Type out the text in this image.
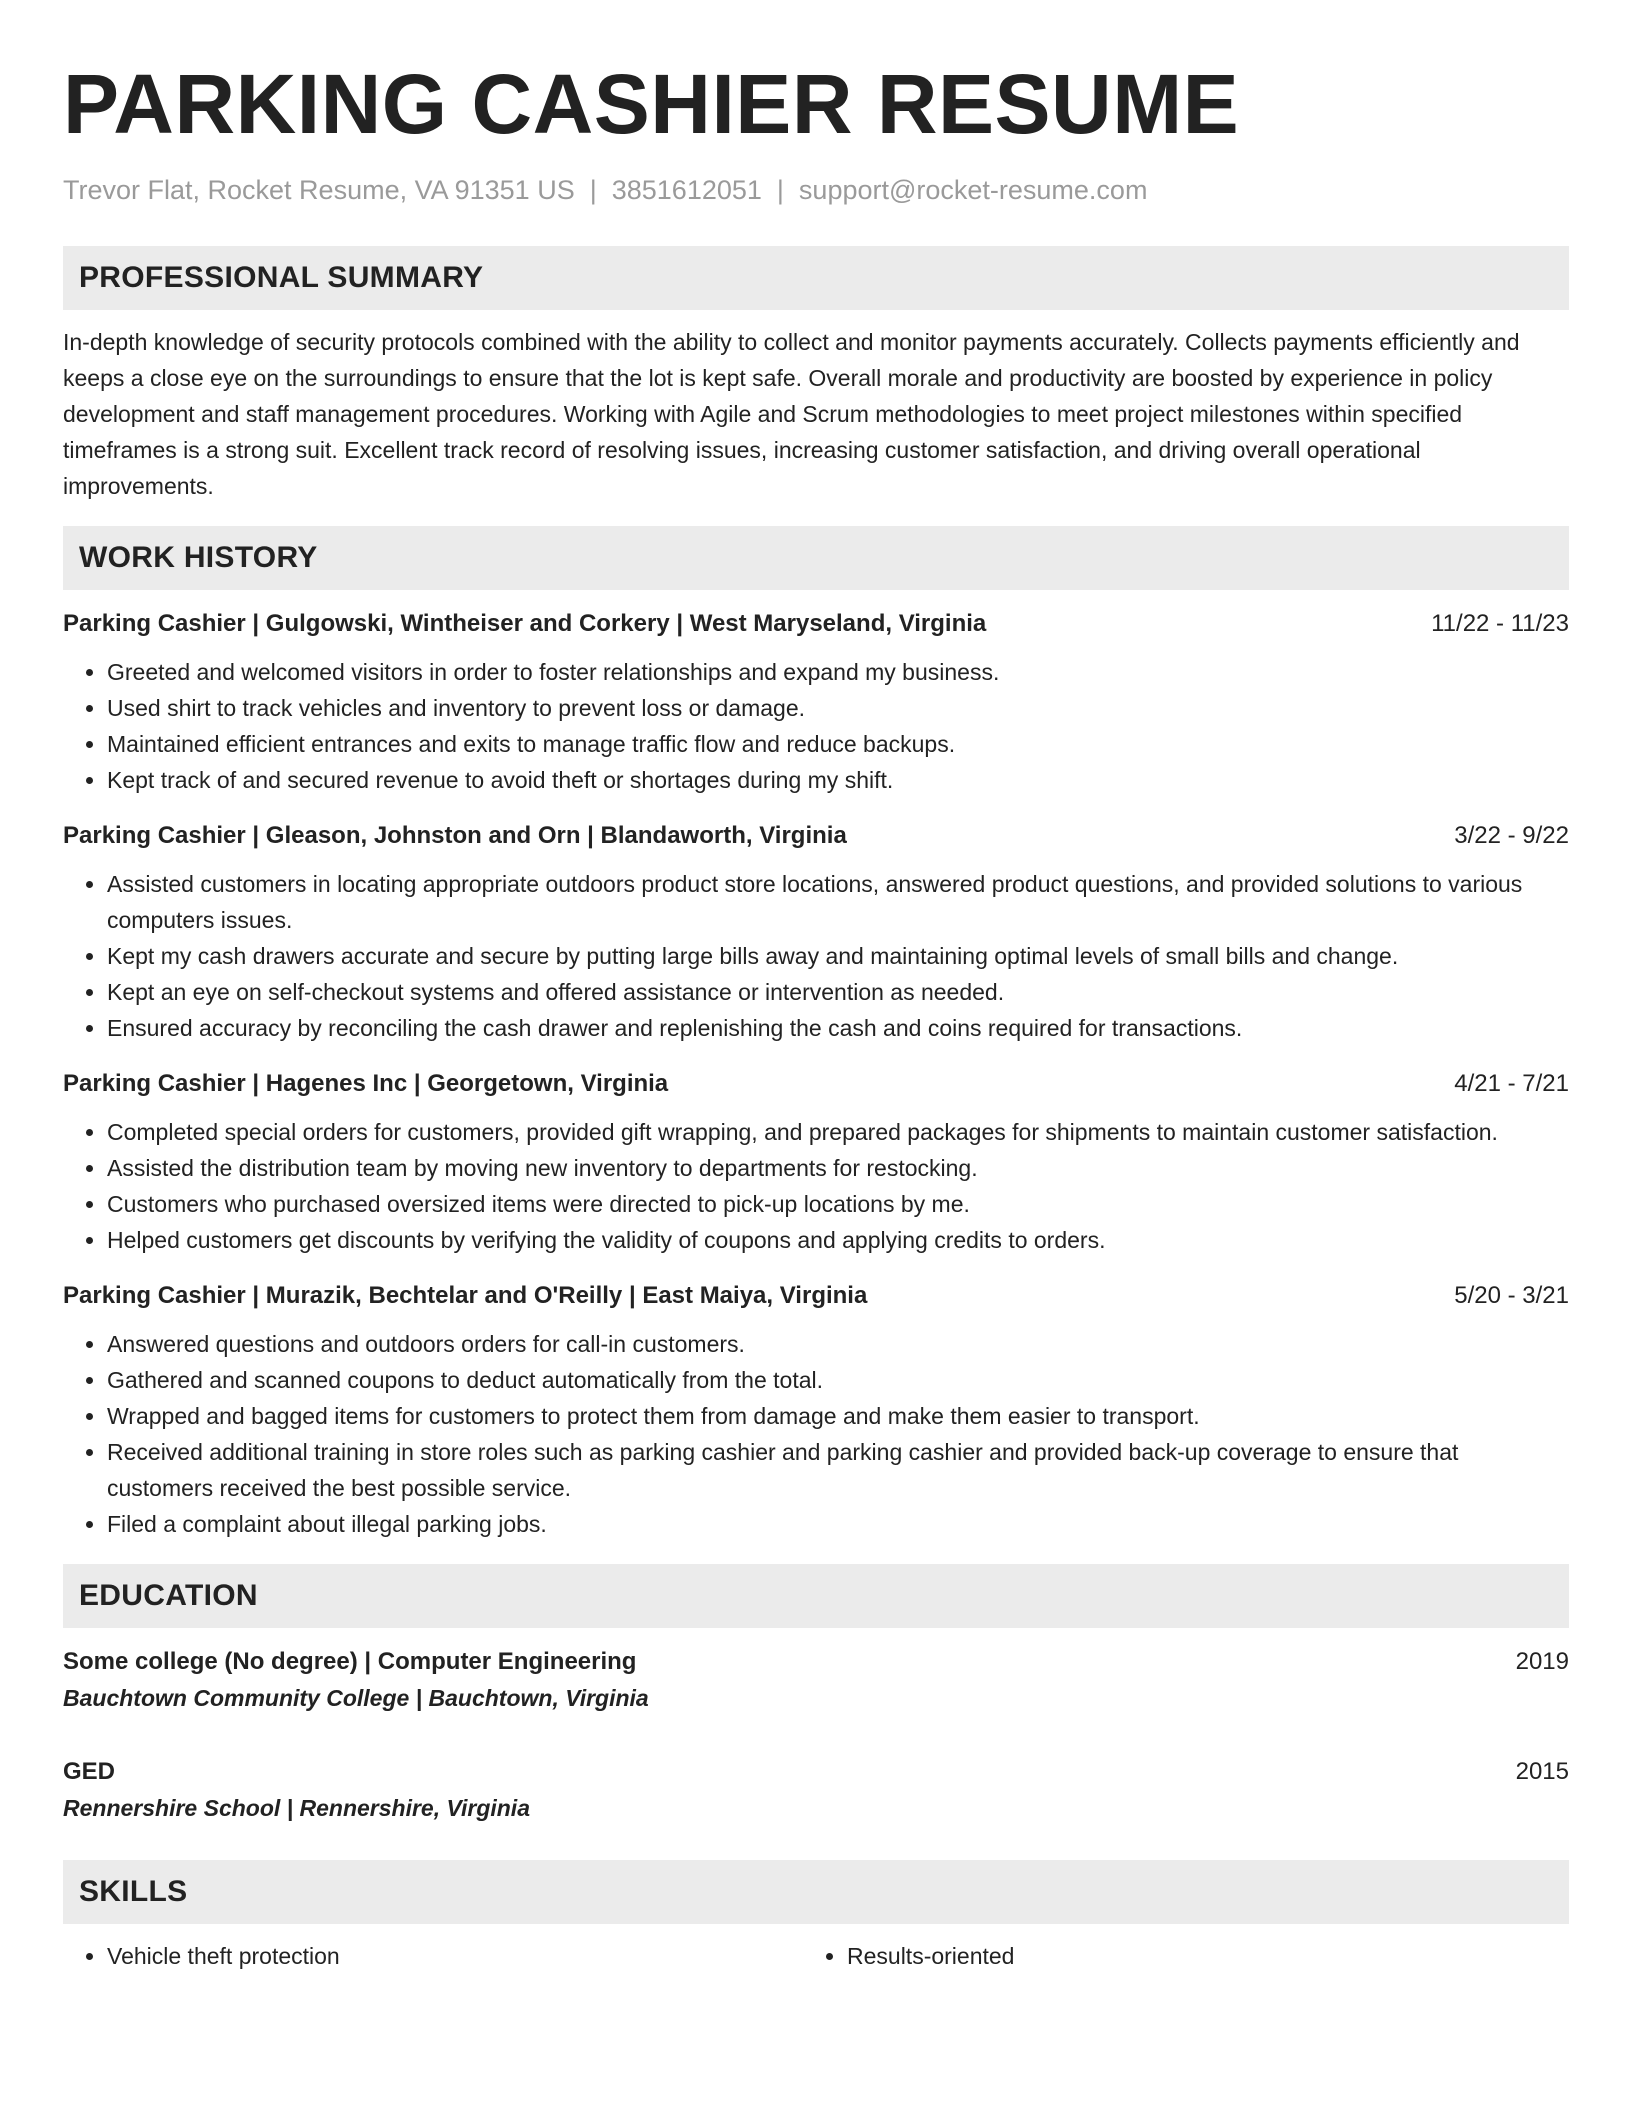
PARKING CASHIER RESUME
Trevor Flat, Rocket Resume, VA 91351 US | 3851612051 | support@rocket-resume.com
PROFESSIONAL SUMMARY

In-depth knowledge of security protocols combined with the ability to collect and monitor payments accurately. Collects payments efficiently and keeps a close eye on the surroundings to ensure that the lot is kept safe. Overall morale and productivity are boosted by experience in policy development and staff management procedures. Working with Agile and Scrum methodologies to meet project milestones within specified timeframes is a strong suit. Excellent track record of resolving issues, increasing customer satisfaction, and driving overall operational improvements.

WORK HISTORY
Parking Cashier | Gulgowski, Wintheiser and Corkery | West Maryseland, Virginia	11/22 - 11/23
• Greeted and welcomed visitors in order to foster relationships and expand my business.
• Used shirt to track vehicles and inventory to prevent loss or damage.
• Maintained efficient entrances and exits to manage traffic flow and reduce backups.
• Kept track of and secured revenue to avoid theft or shortages during my shift.
Parking Cashier | Gleason, Johnston and Orn | Blandaworth, Virginia	3/22 - 9/22
• Assisted customers in locating appropriate outdoors product store locations, answered product questions, and provided solutions to various computers issues.
• Kept my cash drawers accurate and secure by putting large bills away and maintaining optimal levels of small bills and change.
• Kept an eye on self-checkout systems and offered assistance or intervention as needed.
• Ensured accuracy by reconciling the cash drawer and replenishing the cash and coins required for transactions.
Parking Cashier | Hagenes Inc | Georgetown, Virginia	4/21 - 7/21
• Completed special orders for customers, provided gift wrapping, and prepared packages for shipments to maintain customer satisfaction.
• Assisted the distribution team by moving new inventory to departments for restocking.
• Customers who purchased oversized items were directed to pick-up locations by me.
• Helped customers get discounts by verifying the validity of coupons and applying credits to orders.
Parking Cashier | Murazik, Bechtelar and O'Reilly | East Maiya, Virginia	5/20 - 3/21
• Answered questions and outdoors orders for call-in customers.
• Gathered and scanned coupons to deduct automatically from the total.
• Wrapped and bagged items for customers to protect them from damage and make them easier to transport.
• Received additional training in store roles such as parking cashier and parking cashier and provided back-up coverage to ensure that customers received the best possible service.
• Filed a complaint about illegal parking jobs.
EDUCATION
Some college (No degree) | Computer Engineering	2019
Bauchtown Community College | Bauchtown, Virginia
GED	2015
Rennershire School | Rennershire, Virginia
SKILLS
• Vehicle theft protection
•	Results-oriented
